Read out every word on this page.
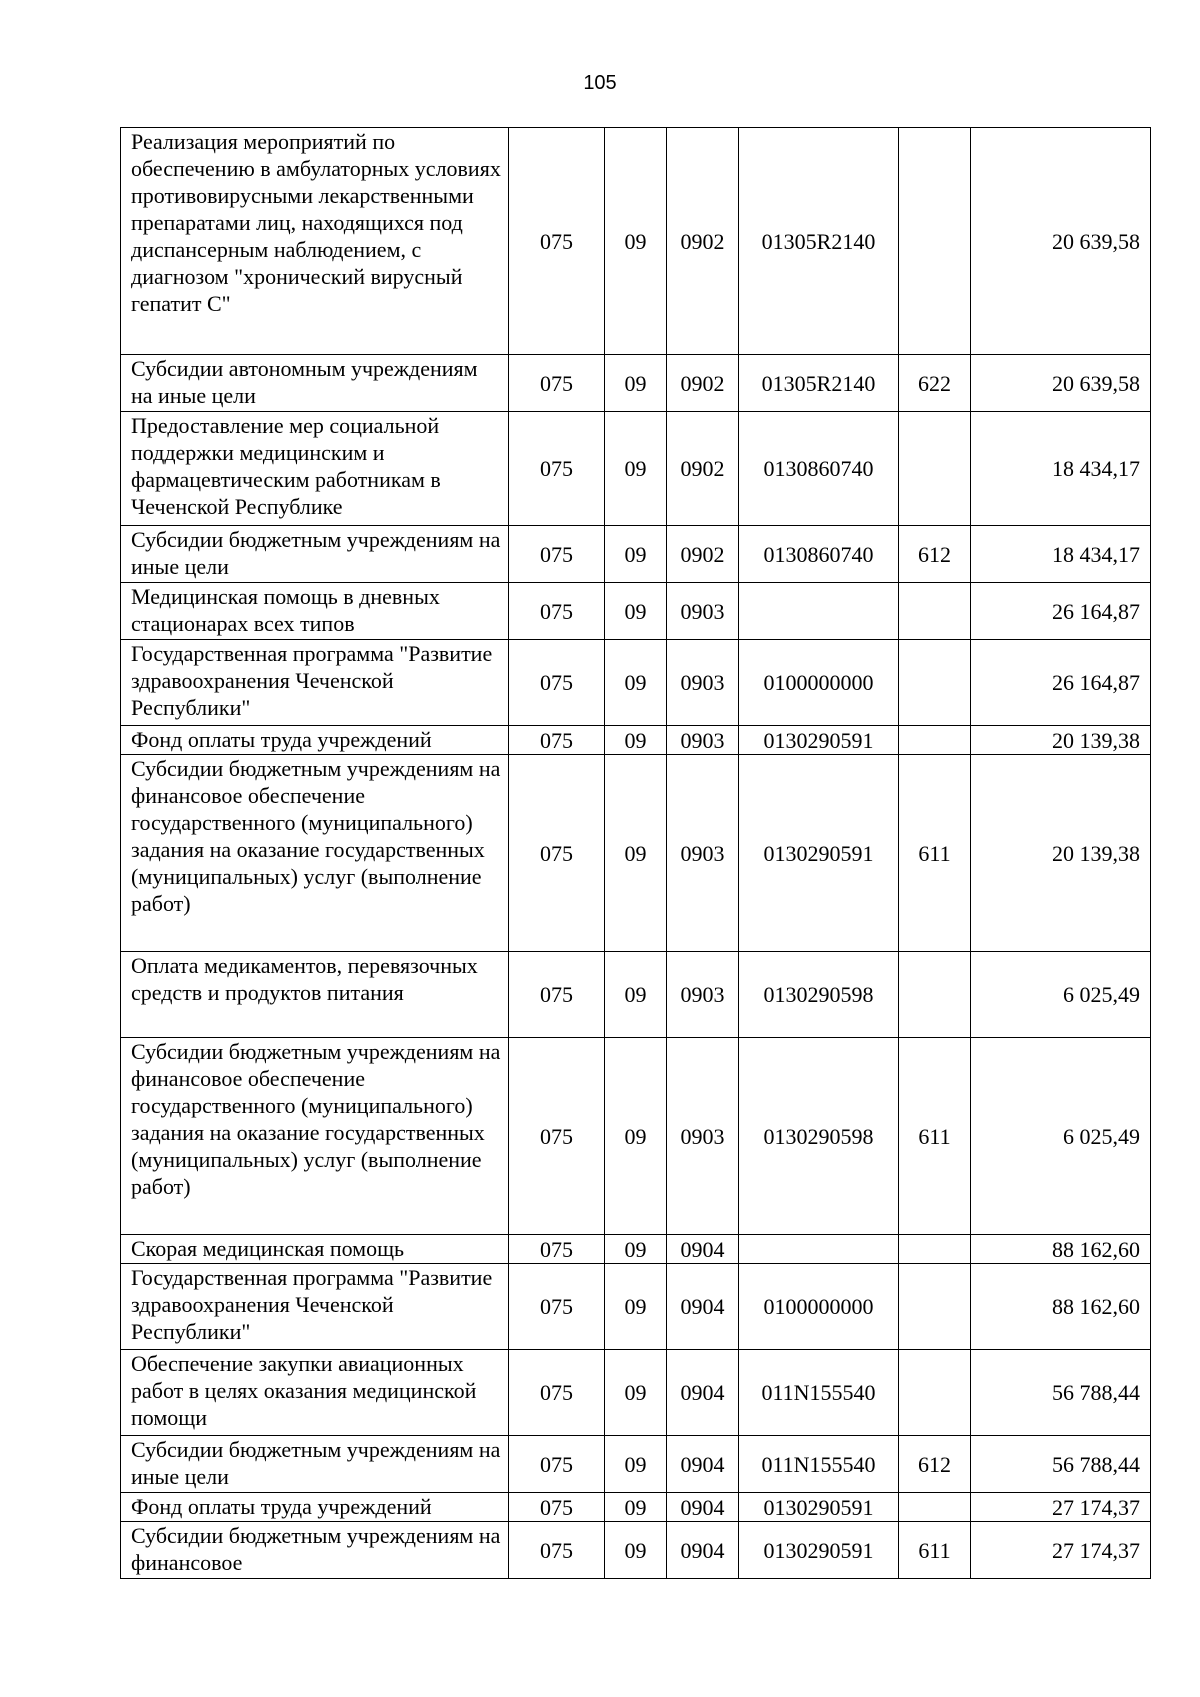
105
Реализация мероприятий по обеспечению в амбулаторных условиях противовирусными лекарственными препаратами лиц, находящихся под диспансерным наблюдением, с диагнозом "хронический вирусный гепатит С"	075	09	0902	01305R2140		20 639,58
Субсидии автономным учреждениям на иные цели	075	09	0902	01305R2140	622	20 639,58
Предоставление мер социальной поддержки медицинским и фармацевтическим работникам в Чеченской Республике	075	09	0902	0130860740		18 434,17
Субсидии бюджетным учреждениям на иные цели	075	09	0902	0130860740	612	18 434,17
Медицинская помощь в дневных стационарах всех типов	075	09	0903			26 164,87
Государственная программа "Развитие здравоохранения Чеченской Республики"	075	09	0903	0100000000		26 164,87
Фонд оплаты труда учреждений	075	09	0903	0130290591		20 139,38
Субсидии бюджетным учреждениям на финансовое обеспечение государственного (муниципального) задания на оказание государственных (муниципальных) услуг (выполнение работ)	075	09	0903	0130290591	611	20 139,38
Оплата медикаментов, перевязочных средств и продуктов питания	075	09	0903	0130290598		6 025,49
Субсидии бюджетным учреждениям на финансовое обеспечение государственного (муниципального) задания на оказание государственных (муниципальных) услуг (выполнение работ)	075	09	0903	0130290598	611	6 025,49
Скорая медицинская помощь	075	09	0904			88 162,60
Государственная программа "Развитие здравоохранения Чеченской Республики"	075	09	0904	0100000000		88 162,60
Обеспечение закупки авиационных работ в целях оказания медицинской помощи	075	09	0904	011N155540		56 788,44
Субсидии бюджетным учреждениям на иные цели	075	09	0904	011N155540	612	56 788,44
Фонд оплаты труда учреждений	075	09	0904	0130290591		27 174,37
Субсидии бюджетным учреждениям на финансовое	075	09	0904	0130290591	611	27 174,37
